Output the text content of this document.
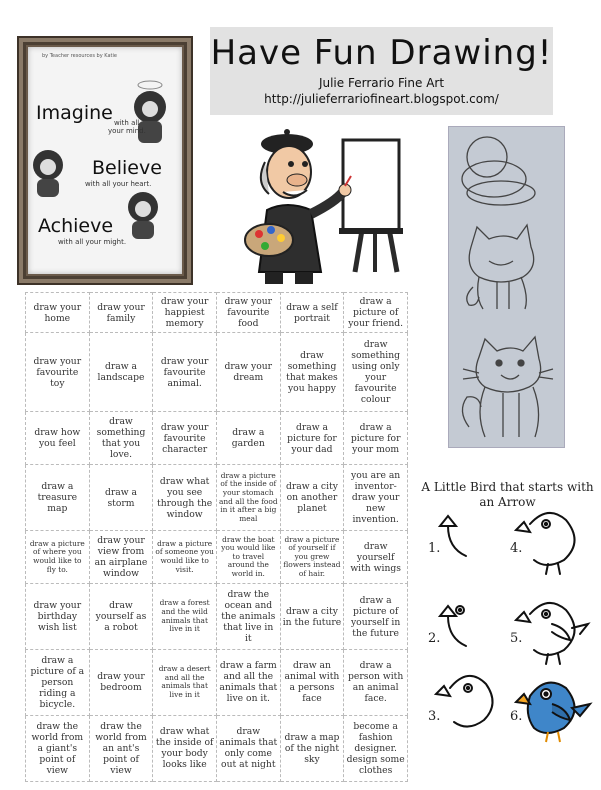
by Teacher resources by Katie
Imagine with all
your mind.
Believe
with all your heart.
Achieve
with all your might.
Have Fun Drawing!
Julie Ferrario Fine Art
http://julieferrariofineart.blogspot.com/
draw your home	draw your family	draw your happiest memory	draw your favourite food	draw a self portrait	draw a picture of your friend.
draw your favourite toy	draw a landscape	draw your favourite animal.	draw your dream	draw something that makes you happy	draw something using only your favourite colour
draw how you feel	draw something that you love.	draw your favourite character	draw a garden	draw a picture for your dad	draw a picture for your mom
draw a treasure map	draw a storm	draw what you see through the window	draw a picture of the inside of your stomach and all the food in it after a big meal	draw a city on another planet	you are an inventor- draw your new invention.
draw a picture of where you would like to fly to.	draw your view from an airplane window	draw a picture of someone you would like to visit.	draw the boat you would like to travel around the world in.	draw a picture of yourself if you grew flowers instead of hair.	draw yourself with wings
draw your birthday wish list	draw yourself as a robot	draw a forest and the wild animals that live in it	draw the ocean and the animals that live in it	draw a city in the future	draw a picture of yourself in the future
draw a picture of a person riding a bicycle.	draw your bedroom	draw a desert and all the animals that live in it	draw a farm and all the animals that live on it.	draw an animal with a persons face	draw a person with an animal face.
draw the world from a giant's point of view	draw the world from an ant's point of view	draw what the inside of your body looks like	draw animals that only come out at night	draw a map of the night sky	become a fashion designer. design some clothes
A Little Bird that starts with an Arrow
1.	4.
2.	5.
3.	6.
